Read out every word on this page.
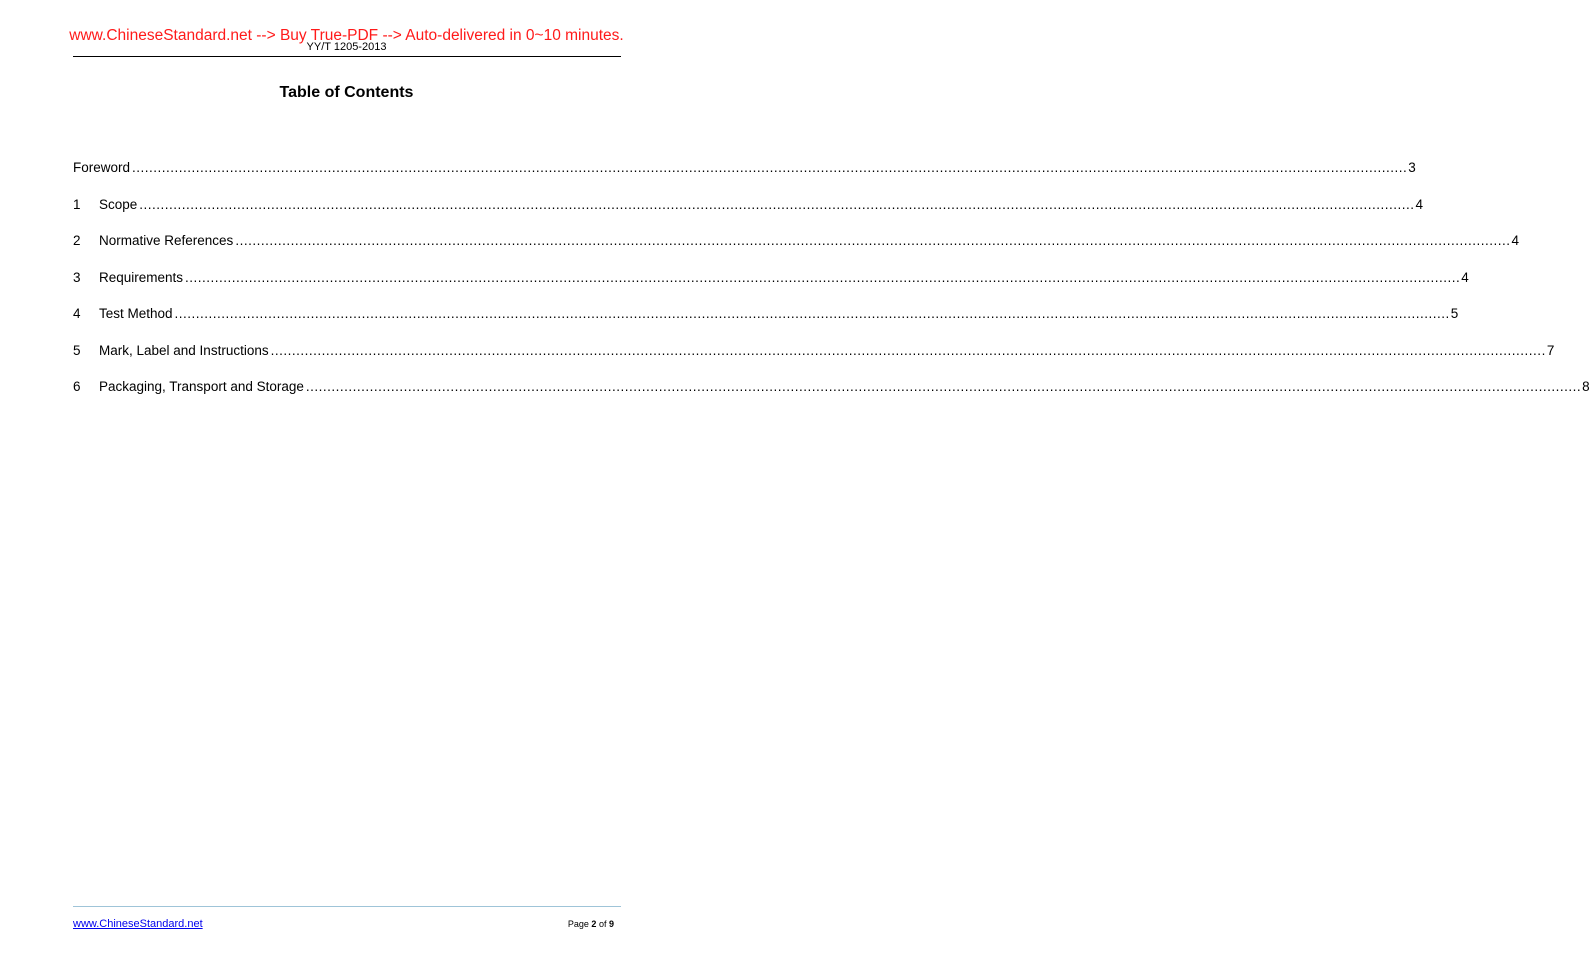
www.ChineseStandard.net --> Buy True-PDF --> Auto-delivered in 0~10 minutes.
YY/T 1205-2013
Table of Contents
Foreword ............................................................................................................................................................................................................................................................................................................ 3
1	Scope ............................................................................................................................................................................................................................................................................................................ 4
2	Normative References ............................................................................................................................................................................................................................................................................................................ 4
3	Requirements ............................................................................................................................................................................................................................................................................................................ 4
4	Test Method ............................................................................................................................................................................................................................................................................................................ 5
5	Mark, Label and Instructions ............................................................................................................................................................................................................................................................................................................ 7
6	Packaging, Transport and Storage ............................................................................................................................................................................................................................................................................................................ 8
www.ChineseStandard.net	Page 2 of 9
